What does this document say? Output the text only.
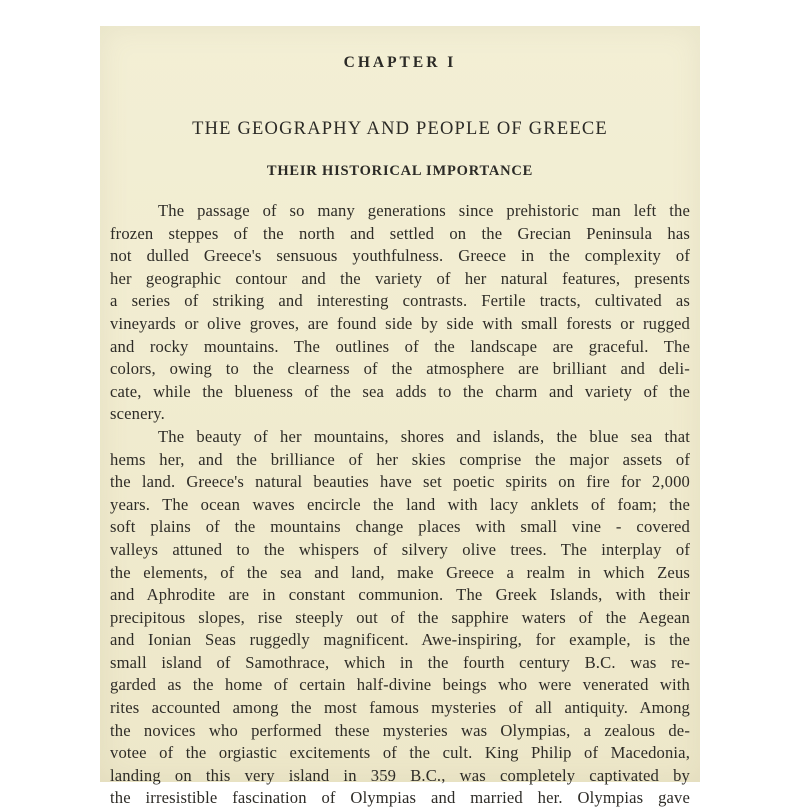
CHAPTER I
THE GEOGRAPHY AND PEOPLE OF GREECE
THEIR HISTORICAL IMPORTANCE
The passage of so many generations since prehistoric man left the
frozen steppes of the north and settled on the Grecian Peninsula has
not dulled Greece's sensuous youthfulness. Greece in the complexity of
her geographic contour and the variety of her natural features, presents
a series of striking and interesting contrasts. Fertile tracts, cultivated as
vineyards or olive groves, are found side by side with small forests or rugged
and rocky mountains. The outlines of the landscape are graceful. The
colors, owing to the clearness of the atmosphere are brilliant and deli-
cate, while the blueness of the sea adds to the charm and variety of the
scenery.
The beauty of her mountains, shores and islands, the blue sea that
hems her, and the brilliance of her skies comprise the major assets of
the land. Greece's natural beauties have set poetic spirits on fire for 2,000
years. The ocean waves encircle the land with lacy anklets of foam; the
soft plains of the mountains change places with small vine - covered
valleys attuned to the whispers of silvery olive trees. The interplay of
the elements, of the sea and land, make Greece a realm in which Zeus
and Aphrodite are in constant communion. The Greek Islands, with their
precipitous slopes, rise steeply out of the sapphire waters of the Aegean
and Ionian Seas ruggedly magnificent. Awe-inspiring, for example, is the
small island of Samothrace, which in the fourth century B.C. was re-
garded as the home of certain half-divine beings who were venerated with
rites accounted among the most famous mysteries of all antiquity. Among
the novices who performed these mysteries was Olympias, a zealous de-
votee of the orgiastic excitements of the cult. King Philip of Macedonia,
landing on this very island in 359 B.C., was completely captivated by
the irresistible fascination of Olympias and married her. Olympias gave
